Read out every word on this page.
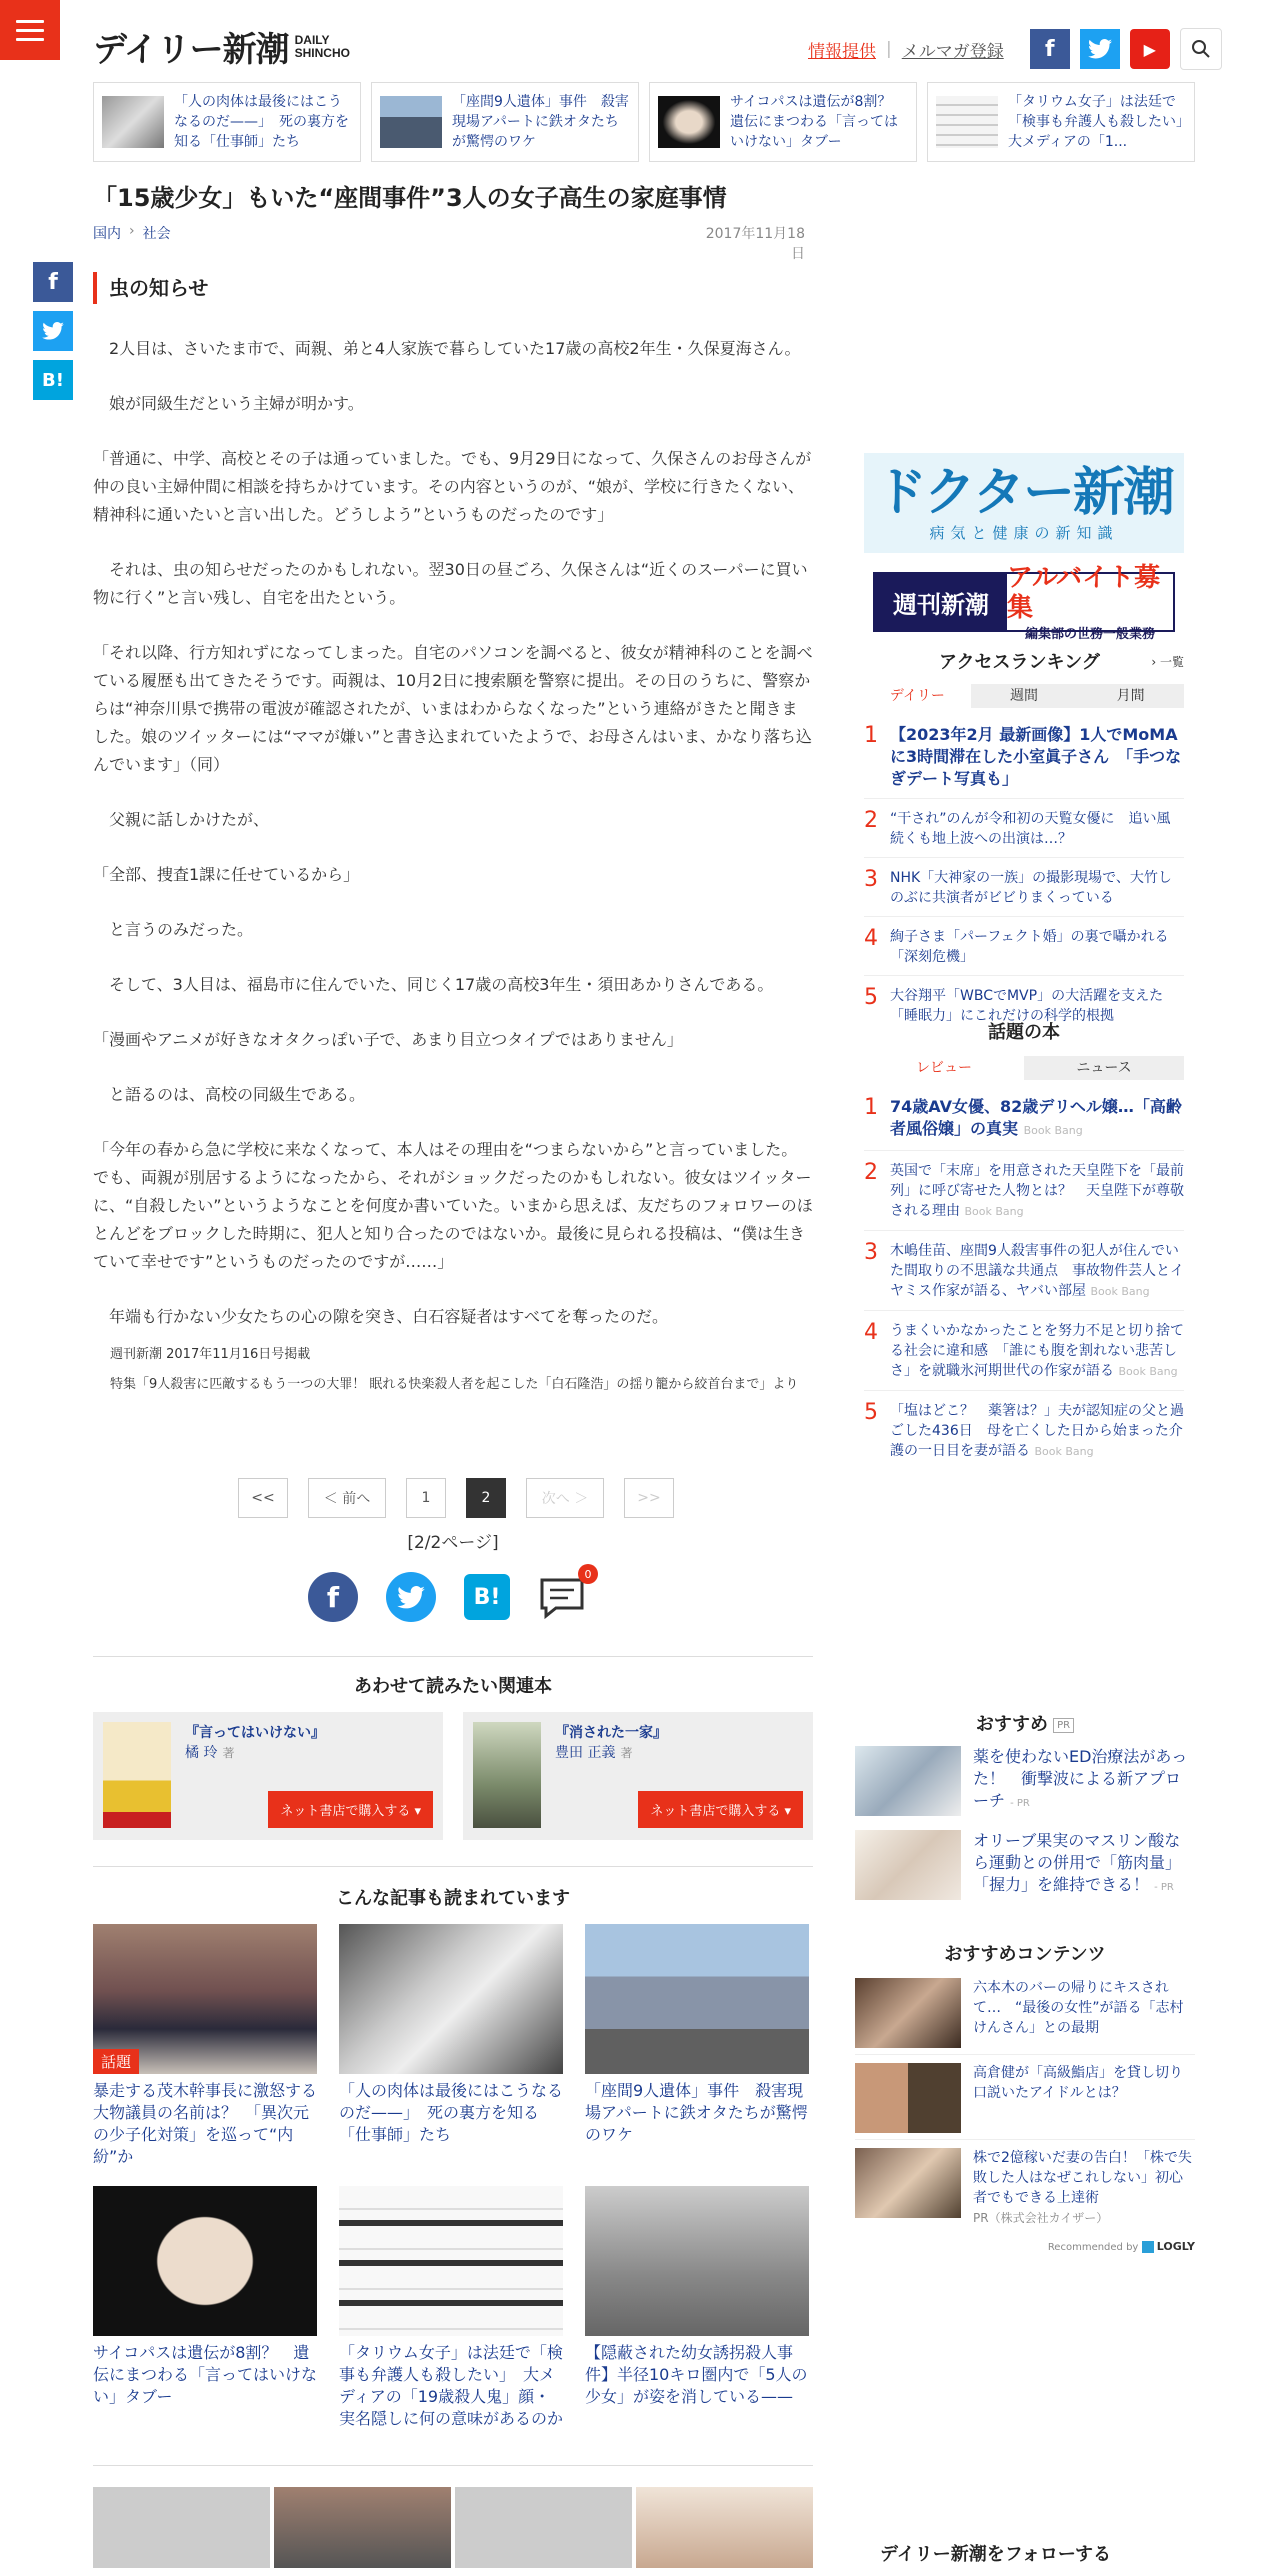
デイリー新潮 DAILY
SHINCHO	情報提供 | メルマガ登録	f	▶
「人の肉体は最後にはこうなるのだ——」　死の裏方を知る「仕事師」たち
「座間9人遺体」事件　殺害現場アパートに鉄オタたちが驚愕のワケ
サイコパスは遺伝が8割？　遺伝にまつわる「言ってはいけない」タブー
「タリウム女子」は法廷で「検事も弁護人も殺したい」　大メディアの「1...
「15歳少女」もいた“座間事件”3人の女子高生の家庭事情
国内 › 社会	2017年11月18日
f
B!
虫の知らせ

2人目は、さいたま市で、両親、弟と4人家族で暮らしていた17歳の高校2年生・久保夏海さん。

娘が同級生だという主婦が明かす。

「普通に、中学、高校とその子は通っていました。でも、9月29日になって、久保さんのお母さんが仲の良い主婦仲間に相談を持ちかけています。その内容というのが、“娘が、学校に行きたくない、精神科に通いたいと言い出した。どうしよう”というものだったのです」

それは、虫の知らせだったのかもしれない。翌30日の昼ごろ、久保さんは“近くのスーパーに買い物に行く”と言い残し、自宅を出たという。

「それ以降、行方知れずになってしまった。自宅のパソコンを調べると、彼女が精神科のことを調べている履歴も出てきたそうです。両親は、10月2日に捜索願を警察に提出。その日のうちに、警察からは“神奈川県で携帯の電波が確認されたが、いまはわからなくなった”という連絡がきたと聞きました。娘のツイッターには“ママが嫌い”と書き込まれていたようで、お母さんはいま、かなり落ち込んでいます」（同）

父親に話しかけたが、

「全部、捜査1課に任せているから」

と言うのみだった。

そして、3人目は、福島市に住んでいた、同じく17歳の高校3年生・須田あかりさんである。

「漫画やアニメが好きなオタクっぽい子で、あまり目立つタイプではありません」

と語るのは、高校の同級生である。

「今年の春から急に学校に来なくなって、本人はその理由を“つまらないから”と言っていました。でも、両親が別居するようになったから、それがショックだったのかもしれない。彼女はツイッターに、“自殺したい”というようなことを何度か書いていた。いまから思えば、友だちのフォロワーのほとんどをブロックした時期に、犯人と知り合ったのではないか。最後に見られる投稿は、“僕は生きていて幸せです”というものだったのですが……」

年端も行かない少女たちの心の隙を突き、白石容疑者はすべてを奪ったのだ。

週刊新潮 2017年11月16日号掲載

特集「9人殺害に匹敵するもう一つの大罪！ 眠れる快楽殺人者を起こした「白石隆浩」の揺り籠から絞首台まで」より

<<	＜ 前へ	1	2	次へ ＞	>>
[2/2ページ]
f	B!
0
あわせて読みたい関連本
『言ってはいけない』
橘 玲 著
ネット書店で購入する ▾
『消された一家』
豊田 正義 著
ネット書店で購入する ▾
こんな記事も読まれています
話題
暴走する茂木幹事長に激怒する大物議員の名前は？　「異次元の少子化対策」を巡って“内紛”か
「人の肉体は最後にはこうなるのだ——」　死の裏方を知る「仕事師」たち
「座間9人遺体」事件　殺害現場アパートに鉄オタたちが驚愕のワケ
サイコパスは遺伝が8割？　遺伝にまつわる「言ってはいけない」タブー
「タリウム女子」は法廷で「検事も弁護人も殺したい」　大メディアの「19歳殺人鬼」顔・実名隠しに何の意味があるのか
【隠蔽された幼女誘拐殺人事件】半径10キロ圏内で「5人の少女」が姿を消している——
ドクター新潮
病気と健康の新知識
週刊新潮
アルバイト募集
編集部の世務一般業務
アクセスランキング	› 一覧
デイリー	週間	月間
1 【2023年2月 最新画像】1人でMoMAに3時間滞在した小室眞子さん　「手つなぎデート写真も」
2 “干され”のんが令和初の天覧女優に　追い風続くも地上波への出演は…？
3 NHK「大神家の一族」の撮影現場で、大竹しのぶに共演者がビビりまくっている
4 絢子さま「パーフェクト婚」の裏で囁かれる「深刻危機」
5 大谷翔平「WBCでMVP」の大活躍を支えた「睡眠力」にこれだけの科学的根拠
話題の本
レビュー	ニュース
1 74歳AV女優、82歳デリヘル嬢…「高齢者風俗嬢」の真実 Book Bang
2 英国で「末席」を用意された天皇陛下を「最前列」に呼び寄せた人物とは？　天皇陛下が尊敬される理由 Book Bang
3 木嶋佳苗、座間9人殺害事件の犯人が住んでいた間取りの不思議な共通点　事故物件芸人とイヤミス作家が語る、ヤバい部屋 Book Bang
4 うまくいかなかったことを努力不足と切り捨てる社会に違和感　「誰にも腹を割れない悲苦しさ」を就職氷河期世代の作家が語る Book Bang
5 「塩はどこ？　薬箸は？」夫が認知症の父と過ごした436日　母を亡くした日から始まった介護の一日目を妻が語る Book Bang
おすすめ PR
薬を使わないED治療法があった！　衝撃波による新アプローチ - PR
オリーブ果実のマスリン酸なら運動との併用で「筋肉量」「握力」を維持できる！ - PR
おすすめコンテンツ
六本木のバーの帰りにキスされて…　“最後の女性”が語る「志村けんさん」との最期
高倉健が「高級鮨店」を貸し切り口説いたアイドルとは？
株で2億稼いだ妻の告白！「株で失敗した人はなぜこれしない」初心者でもできる上達術
PR（株式会社カイザー）
Recommended by LOGLY
デイリー新潮をフォローする
